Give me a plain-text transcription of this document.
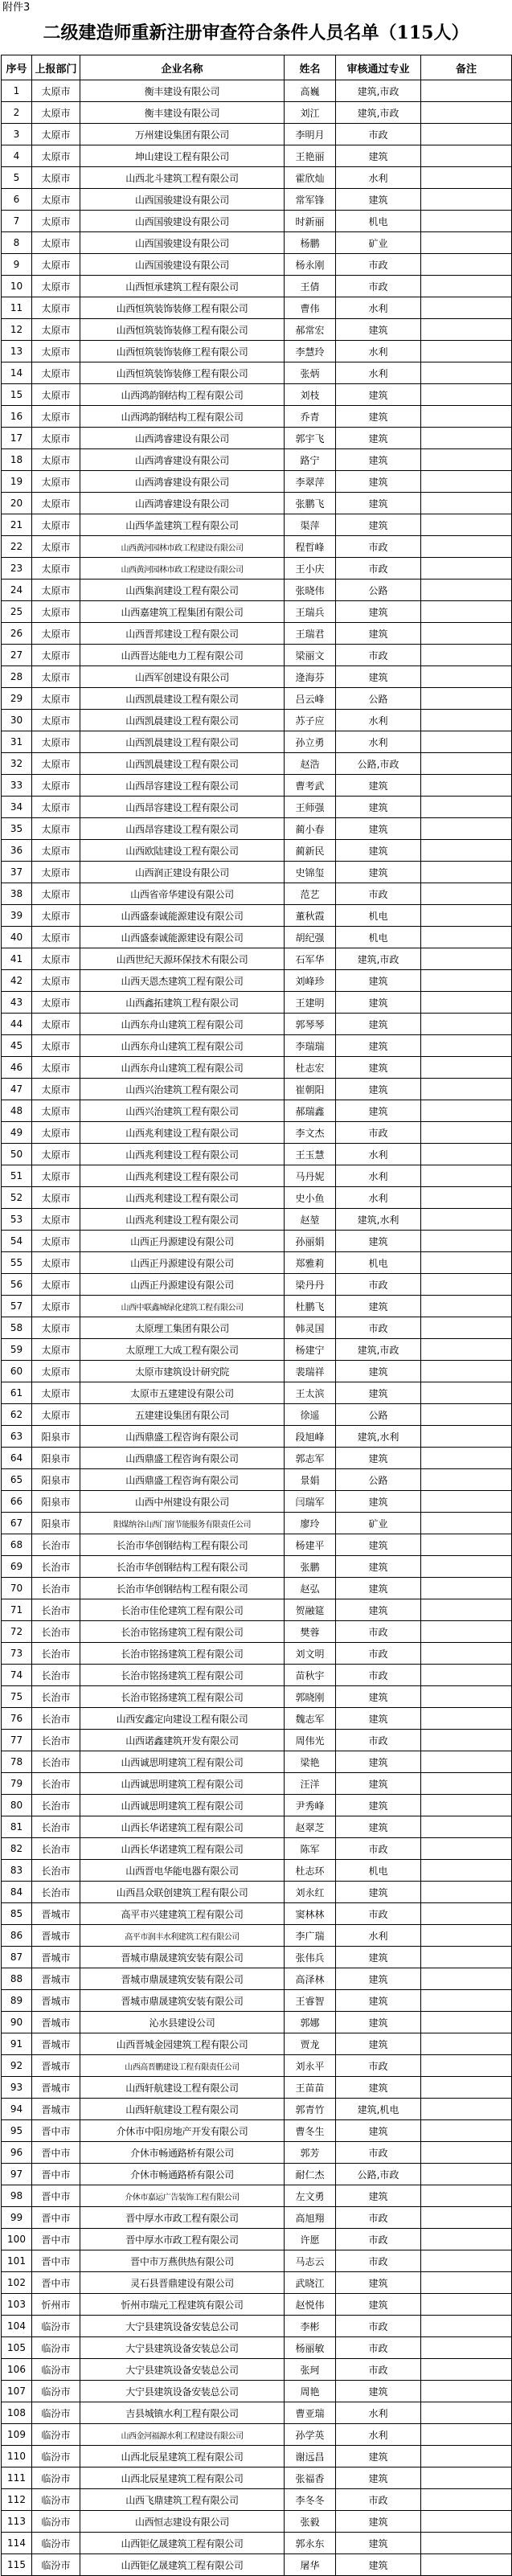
附件3
二级建造师重新注册审查符合条件人员名单（115人）
序号	上报部门	企业名称	姓名	审核通过专业	备注
1	太原市	衡丰建设有限公司	高巍	建筑,市政	
2	太原市	衡丰建设有限公司	刘江	建筑,市政	
3	太原市	万州建设集团有限公司	李明月	市政	
4	太原市	坤山建设工程有限公司	王艳丽	建筑	
5	太原市	山西北斗建筑工程有限公司	霍欣灿	水利	
6	太原市	山西国骏建设有限公司	常军锋	建筑	
7	太原市	山西国骏建设有限公司	时新丽	机电	
8	太原市	山西国骏建设有限公司	杨鹏	矿业	
9	太原市	山西国骏建设有限公司	杨永刚	市政	
10	太原市	山西恒承建筑工程有限公司	王倩	市政	
11	太原市	山西恒筑装饰装修工程有限公司	曹伟	水利	
12	太原市	山西恒筑装饰装修工程有限公司	郝常宏	建筑	
13	太原市	山西恒筑装饰装修工程有限公司	李慧玲	水利	
14	太原市	山西恒筑装饰装修工程有限公司	张炳	水利	
15	太原市	山西鸿韵钢结构工程有限公司	刘枝	建筑	
16	太原市	山西鸿韵钢结构工程有限公司	乔青	建筑	
17	太原市	山西鸿睿建设有限公司	郭宇飞	建筑	
18	太原市	山西鸿睿建设有限公司	路宁	建筑	
19	太原市	山西鸿睿建设有限公司	李翠萍	建筑	
20	太原市	山西鸿睿建设有限公司	张鹏飞	建筑	
21	太原市	山西华盖建筑工程有限公司	渠萍	建筑	
22	太原市	山西黄河园林市政工程建设有限公司	程哲峰	市政	
23	太原市	山西黄河园林市政工程建设有限公司	王小庆	市政	
24	太原市	山西集润建设工程有限公司	张晓伟	公路	
25	太原市	山西嘉建筑工程集团有限公司	王瑞兵	建筑	
26	太原市	山西晋邦建设工程有限公司	王瑞君	建筑	
27	太原市	山西晋达能电力工程有限公司	梁丽文	市政	
28	太原市	山西军创建设有限公司	逄海芬	建筑	
29	太原市	山西凯晨建设工程有限公司	吕云峰	公路	
30	太原市	山西凯晨建设工程有限公司	苏子应	水利	
31	太原市	山西凯晨建设工程有限公司	孙立勇	水利	
32	太原市	山西凯晨建设工程有限公司	赵浩	公路,市政	
33	太原市	山西昂容建设工程有限公司	曹考武	建筑	
34	太原市	山西昂容建设工程有限公司	王师强	建筑	
35	太原市	山西昂容建设工程有限公司	蔺小春	建筑	
36	太原市	山西欧陆建设工程有限公司	蔺新民	建筑	
37	太原市	山西润正建设有限公司	史锦玺	建筑	
38	太原市	山西省帝华建设有限公司	范艺	市政	
39	太原市	山西盛泰诚能源建设有限公司	董秋霞	机电	
40	太原市	山西盛泰诚能源建设有限公司	胡纪强	机电	
41	太原市	山西世纪天源环保技术有限公司	石军华	建筑,市政	
42	太原市	山西天恩杰建筑工程有限公司	刘峰珍	建筑	
43	太原市	山西鑫拓建筑工程有限公司	王建明	建筑	
44	太原市	山西东舟山建筑工程有限公司	郭琴琴	建筑	
45	太原市	山西东舟山建筑工程有限公司	李瑞瑞	建筑	
46	太原市	山西东舟山建筑工程有限公司	杜志宏	建筑	
47	太原市	山西兴治建筑工程有限公司	崔朝阳	建筑	
48	太原市	山西兴治建筑工程有限公司	郝瑞鑫	建筑	
49	太原市	山西兆利建设工程有限公司	李文杰	市政	
50	太原市	山西兆利建设工程有限公司	王玉慧	水利	
51	太原市	山西兆利建设工程有限公司	马丹妮	水利	
52	太原市	山西兆利建设工程有限公司	史小鱼	水利	
53	太原市	山西兆利建设工程有限公司	赵堃	建筑,水利	
54	太原市	山西正丹源建设有限公司	孙丽娟	建筑	
55	太原市	山西正丹源建设有限公司	郑雅莉	机电	
56	太原市	山西正丹源建设有限公司	梁丹丹	市政	
57	太原市	山西中联鑫城绿化建筑工程有限公司	杜鹏飞	建筑	
58	太原市	太原理工集团有限公司	韩灵国	市政	
59	太原市	太原理工大成工程有限公司	杨建宁	建筑,市政	
60	太原市	太原市建筑设计研究院	裴瑞祥	建筑	
61	太原市	太原市五建建设有限公司	王太滨	建筑	
62	太原市	五建建设集团有限公司	徐遥	公路	
63	阳泉市	山西鼎盛工程咨询有限公司	段旭峰	建筑,水利	
64	阳泉市	山西鼎盛工程咨询有限公司	郭志军	建筑	
65	阳泉市	山西鼎盛工程咨询有限公司	景娟	公路	
66	阳泉市	山西中州建设有限公司	闫瑞军	建筑	
67	阳泉市	阳煤纳谷山西门窗节能服务有限责任公司	廖玲	矿业	
68	长治市	长治市华创钢结构工程有限公司	杨建平	建筑	
69	长治市	长治市华创钢结构工程有限公司	张鹏	建筑	
70	长治市	长治市华创钢结构工程有限公司	赵弘	建筑	
71	长治市	长治市佳伦建筑工程有限公司	贺融筵	建筑	
72	长治市	长治市铭扬建筑工程有限公司	樊蓉	市政	
73	长治市	长治市铭扬建筑工程有限公司	刘文明	市政	
74	长治市	长治市铭扬建筑工程有限公司	苗秋宇	市政	
75	长治市	长治市铭扬建筑工程有限公司	郭晓刚	建筑	
76	长治市	山西安鑫定向建设工程有限公司	魏志军	建筑	
77	长治市	山西诺鑫建筑开发有限公司	周伟光	市政	
78	长治市	山西诚思明建筑工程有限公司	梁艳	建筑	
79	长治市	山西诚思明建筑工程有限公司	汪洋	建筑	
80	长治市	山西诚思明建筑工程有限公司	尹秀峰	建筑	
81	长治市	山西长华诺建筑工程有限公司	赵翠芝	建筑	
82	长治市	山西长华诺建筑工程有限公司	陈军	市政	
83	长治市	山西晋电华能电器有限公司	杜志环	机电	
84	长治市	山西昌众联创建筑工程有限公司	刘永红	建筑	
85	晋城市	高平市兴建建筑工程有限公司	窦林林	市政	
86	晋城市	高平市润丰水利建筑工程有限公司	李广瑞	水利	
87	晋城市	晋城市鼎晟建筑安装有限公司	张伟兵	建筑	
88	晋城市	晋城市鼎晟建筑安装有限公司	高泽林	建筑	
89	晋城市	晋城市鼎晟建筑安装有限公司	王睿智	建筑	
90	晋城市	沁水县建设公司	郭娜	建筑	
91	晋城市	山西晋城金园建筑工程有限公司	贾龙	建筑	
92	晋城市	山西高晋鹏建设工程有限责任公司	刘永平	市政	
93	晋城市	山西轩航建设工程有限公司	王苗苗	建筑	
94	晋城市	山西轩航建设工程有限公司	郭青竹	建筑,机电	
95	晋中市	介休市中阳房地产开发有限公司	曹冬生	建筑	
96	晋中市	介休市畅通路桥有限公司	郭芳	市政	
97	晋中市	介休市畅通路桥有限公司	耐仁杰	公路,市政	
98	晋中市	介休市嘉运广告装饰工程有限公司	左文勇	建筑	
99	晋中市	晋中厚水市政工程有限公司	高旭翔	市政	
100	晋中市	晋中厚水市政工程有限公司	许愿	市政	
101	晋中市	晋中市万燕供热有限公司	马志云	市政	
102	晋中市	灵石县晋鼎建设有限公司	武晓江	建筑	
103	忻州市	忻州市瑞元工程建筑有限公司	赵悦伟	建筑	
104	临汾市	大宁县建筑设备安装总公司	李彬	市政	
105	临汾市	大宁县建筑设备安装总公司	杨丽敏	市政	
106	临汾市	大宁县建筑设备安装总公司	张珂	市政	
107	临汾市	大宁县建筑设备安装总公司	周艳	建筑	
108	临汾市	吉县城镇水利工程有限公司	曹亚瑞	水利	
109	临汾市	山西金河福源水利工程建设有限公司	孙学英	水利	
110	临汾市	山西北辰星建筑工程有限公司	谢远昌	建筑	
111	临汾市	山西北辰星建筑工程有限公司	张福香	建筑	
112	临汾市	山西飞鼎建筑工程有限公司	李冬冬	市政	
113	临汾市	山西恒志建设有限公司	张毅	建筑	
114	临汾市	山西钜亿晟建筑工程有限公司	郭永东	建筑	
115	临汾市	山西钜亿晟建筑工程有限公司	屠华	建筑	
